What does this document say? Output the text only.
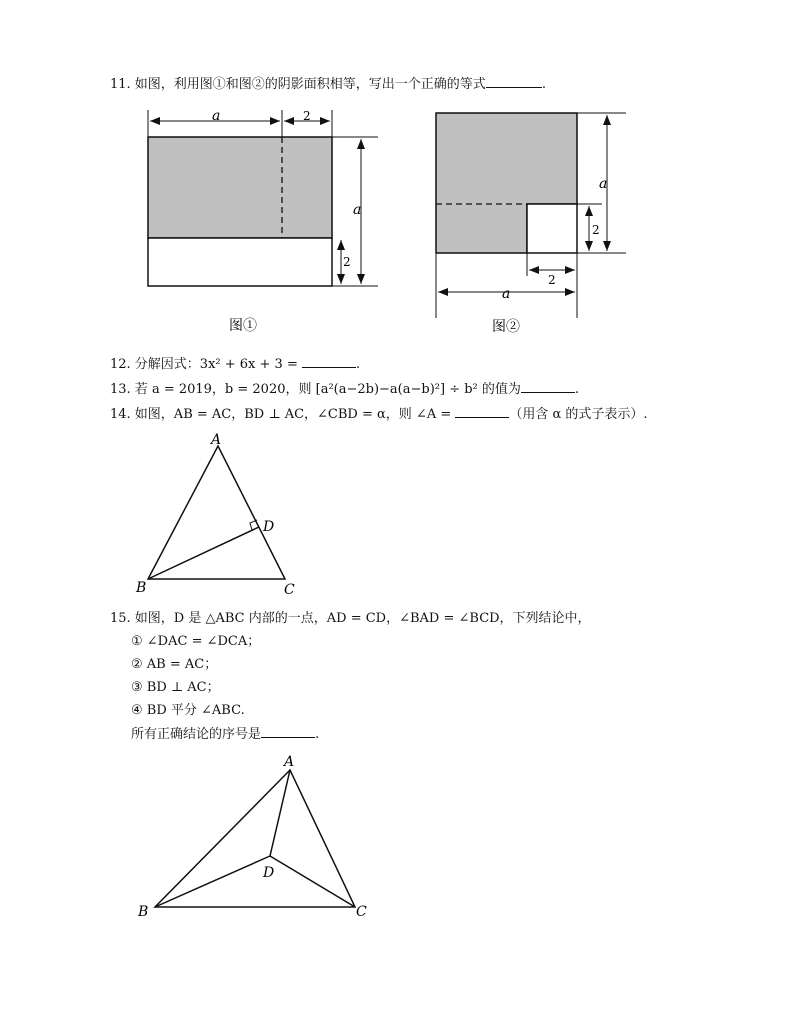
11. 如图，利用图①和图②的阴影面积相等，写出一个正确的等式	.
a	2
a
2
图①
a
2
2
a
图②
12. 分解因式：3x² + 6x + 3 =	.
13. 若 a = 2019，b = 2020，则 [a²(a−2b)−a(a−b)²] ÷ b² 的值为	.
14. 如图，AB = AC，BD ⊥ AC，∠CBD = α，则 ∠A =	（用含 α 的式子表示）.
A
B	C
D
15. 如图，D 是 △ABC 内部的一点，AD = CD，∠BAD = ∠BCD，下列结论中，
① ∠DAC = ∠DCA；
② AB = AC；
③ BD ⊥ AC；
④ BD 平分 ∠ABC.
所有正确结论的序号是	.
A
B	C
D
